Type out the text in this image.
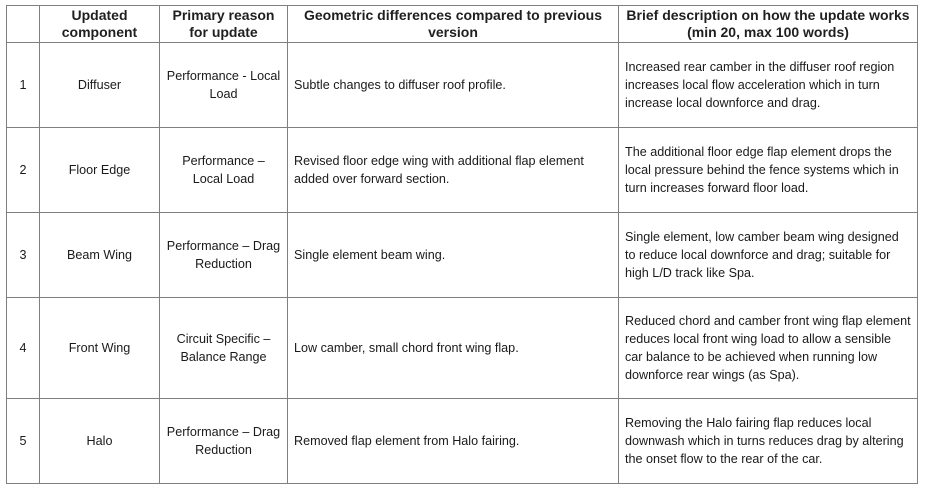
	Updated component	Primary reason for update	Geometric differences compared to previous version	Brief description on how the update works (min 20, max 100 words)
1	Diffuser	Performance - Local Load	Subtle changes to diffuser roof profile.	Increased rear camber in the diffuser roof region increases local flow acceleration which in turn increase local downforce and drag.
2	Floor Edge	Performance – Local Load	Revised floor edge wing with additional flap element added over forward section.	The additional floor edge flap element drops the local pressure behind the fence systems which in turn increases forward floor load.
3	Beam Wing	Performance – Drag Reduction	Single element beam wing.	Single element, low camber beam wing designed to reduce local downforce and drag; suitable for high L/D track like Spa.
4	Front Wing	Circuit Specific – Balance Range	Low camber, small chord front wing flap.	Reduced chord and camber front wing flap element reduces local front wing load to allow a sensible car balance to be achieved when running low downforce rear wings (as Spa).
5	Halo	Performance – Drag Reduction	Removed flap element from Halo fairing.	Removing the Halo fairing flap reduces local downwash which in turns reduces drag by altering the onset flow to the rear of the car.
